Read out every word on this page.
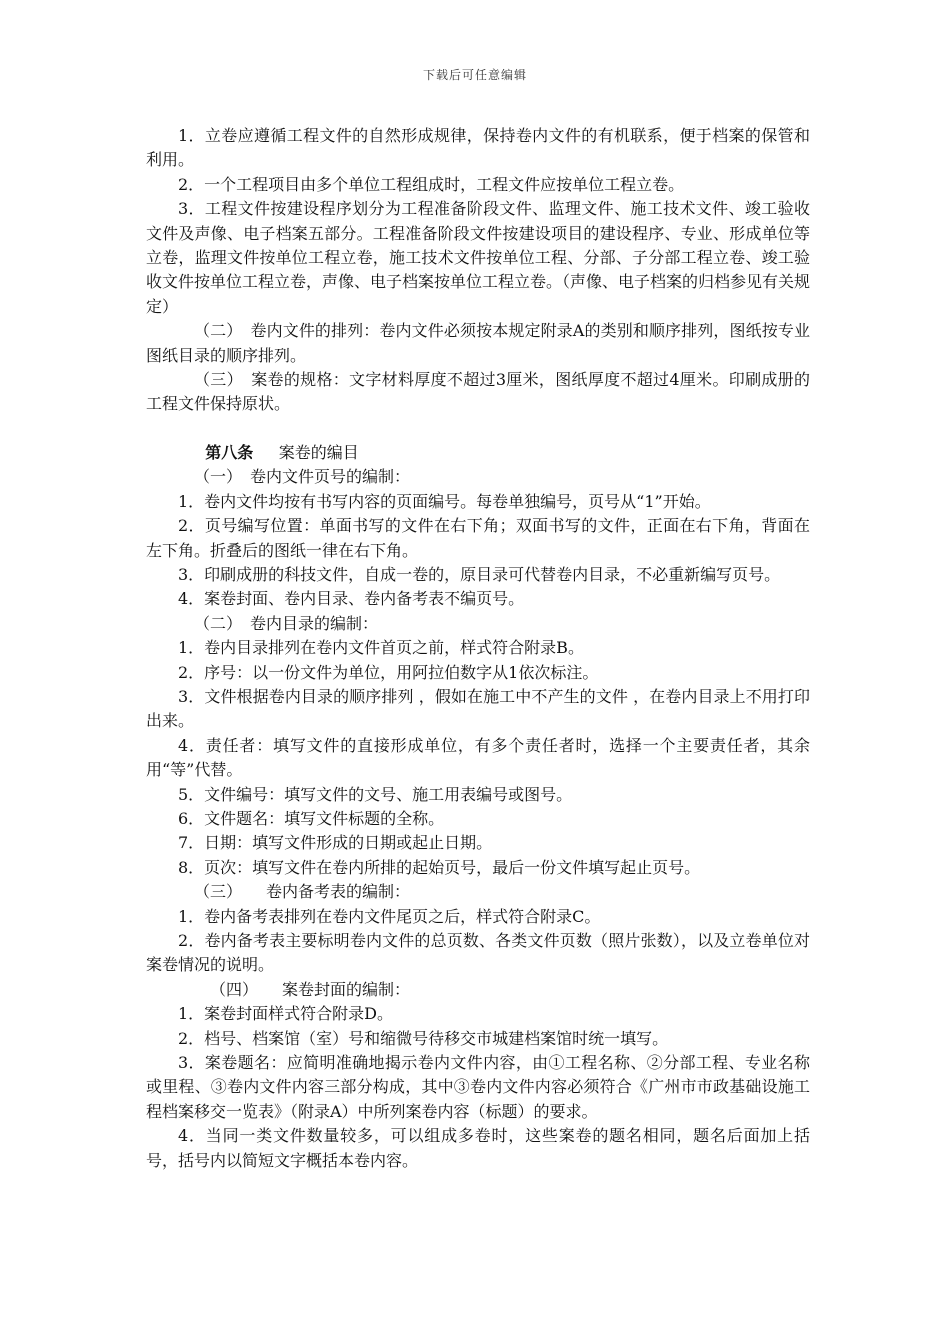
下载后可任意编辑

1．立卷应遵循工程文件的自然形成规律，保持卷内文件的有机联系，便于档案的保管和利用。

2．一个工程项目由多个单位工程组成时，工程文件应按单位工程立卷。

3．工程文件按建设程序划分为工程准备阶段文件、监理文件、施工技术文件、竣工验收文件及声像、电子档案五部分。工程准备阶段文件按建设项目的建设程序、专业、形成单位等立卷，监理文件按单位工程立卷，施工技术文件按单位工程、分部、子分部工程立卷、竣工验收文件按单位工程立卷，声像、电子档案按单位工程立卷。（声像、电子档案的归档参见有关规定）

（二）　卷内文件的排列：卷内文件必须按本规定附录A的类别和顺序排列，图纸按专业图纸目录的顺序排列。

（三）　案卷的规格：文字材料厚度不超过3厘米，图纸厚度不超过4厘米。印刷成册的工程文件保持原状。

第八条 案卷的编目

（一）　卷内文件页号的编制：

1．卷内文件均按有书写内容的页面编号。每卷单独编号，页号从“1”开始。

2．页号编写位置：单面书写的文件在右下角；双面书写的文件，正面在右下角，背面在左下角。折叠后的图纸一律在右下角。

3．印刷成册的科技文件，自成一卷的，原目录可代替卷内目录，不必重新编写页号。

4．案卷封面、卷内目录、卷内备考表不编页号。

（二）　卷内目录的编制：

1．卷内目录排列在卷内文件首页之前，样式符合附录B。

2．序号：以一份文件为单位，用阿拉伯数字从1依次标注。

3．文件根据卷内目录的顺序排列 ，假如在施工中不产生的文件 ，在卷内目录上不用打印出来。

4．责任者：填写文件的直接形成单位，有多个责任者时，选择一个主要责任者，其余用“等”代替。

5．文件编号：填写文件的文号、施工用表编号或图号。

6．文件题名：填写文件标题的全称。

7．日期：填写文件形成的日期或起止日期。

8．页次：填写文件在卷内所排的起始页号，最后一份文件填写起止页号。

（三）　　卷内备考表的编制：

1．卷内备考表排列在卷内文件尾页之后，样式符合附录C。

2．卷内备考表主要标明卷内文件的总页数、各类文件页数（照片张数），以及立卷单位对案卷情况的说明。

（四）　　案卷封面的编制：

1．案卷封面样式符合附录D。

2．档号、档案馆（室）号和缩微号待移交市城建档案馆时统一填写。

3．案卷题名：应简明准确地揭示卷内文件内容，由①工程名称、②分部工程、专业名称或里程、③卷内文件内容三部分构成，其中③卷内文件内容必须符合《广州市市政基础设施工程档案移交一览表》（附录A）中所列案卷内容（标题）的要求。

4．当同一类文件数量较多，可以组成多卷时，这些案卷的题名相同，题名后面加上括号，括号内以简短文字概括本卷内容。
